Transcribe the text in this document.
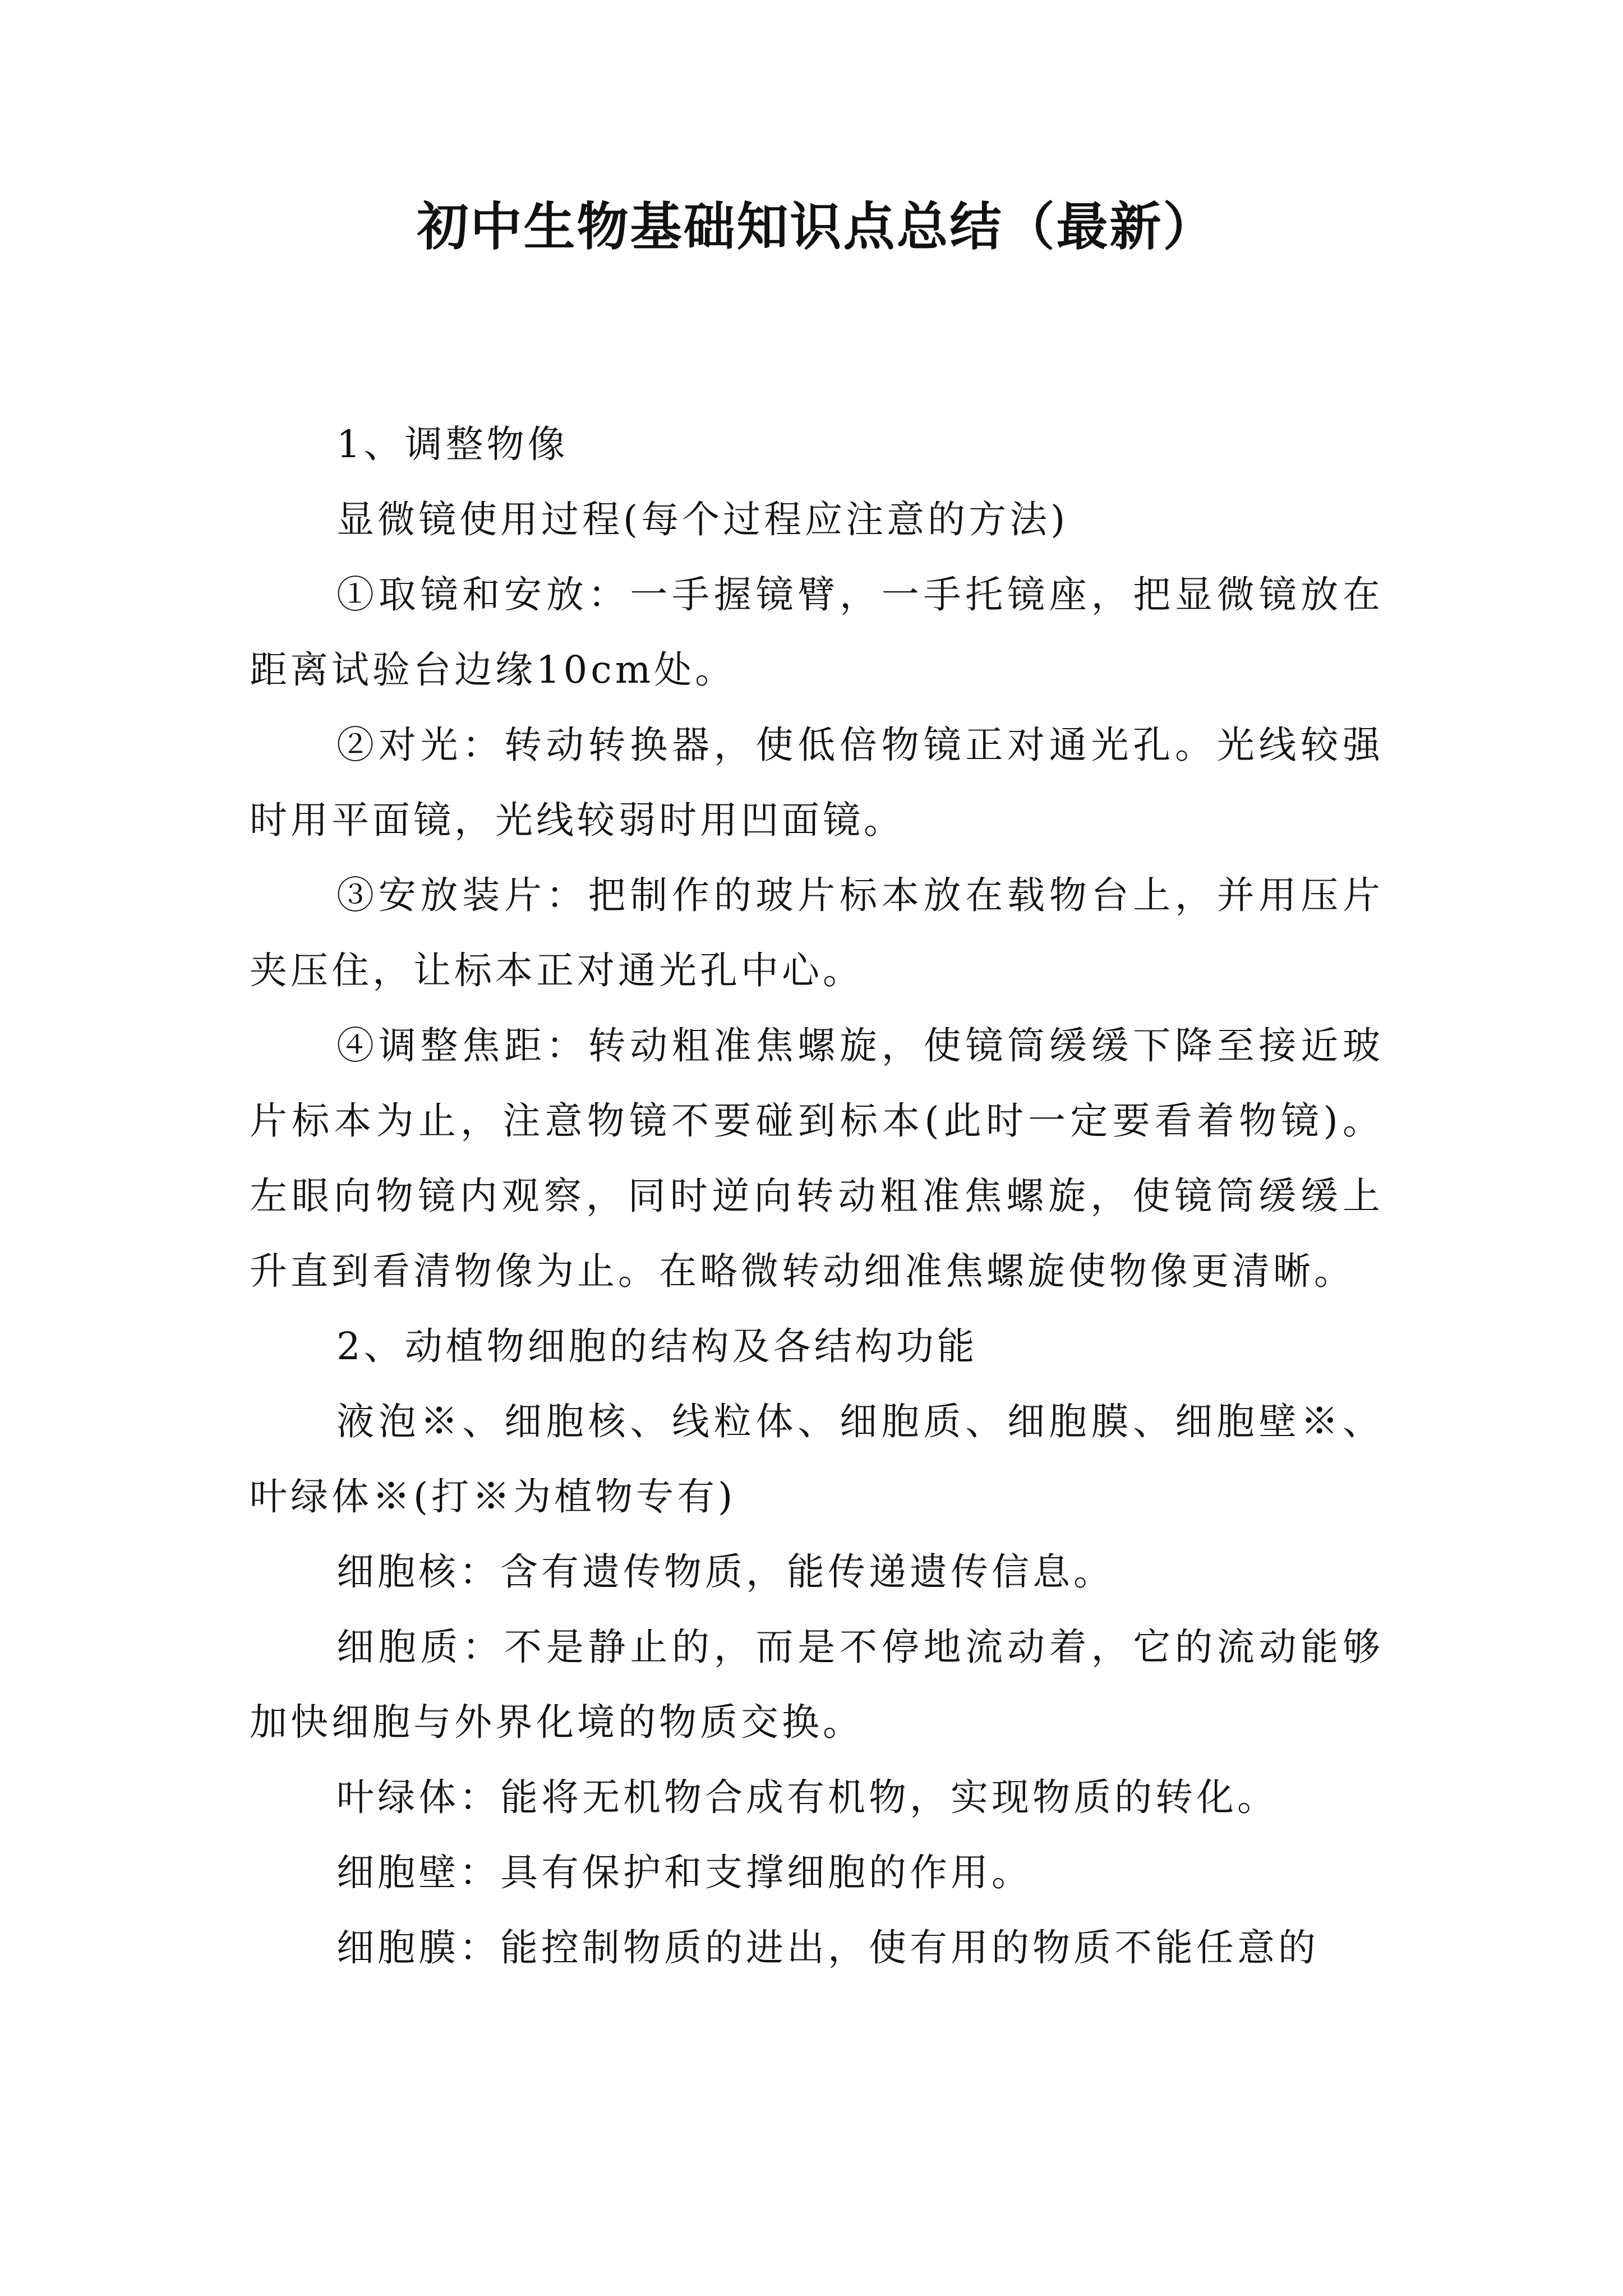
初中生物基础知识点总结（最新）

1、调整物像

显微镜使用过程(每个过程应注意的方法)

①取镜和安放：一手握镜臂，一手托镜座，把显微镜放在距离试验台边缘10cm处。

②对光：转动转换器，使低倍物镜正对通光孔。光线较强时用平面镜，光线较弱时用凹面镜。

③安放装片：把制作的玻片标本放在载物台上，并用压片夹压住，让标本正对通光孔中心。

④调整焦距：转动粗准焦螺旋，使镜筒缓缓下降至接近玻片标本为止，注意物镜不要碰到标本(此时一定要看着物镜)。左眼向物镜内观察，同时逆向转动粗准焦螺旋，使镜筒缓缓上升直到看清物像为止。在略微转动细准焦螺旋使物像更清晰。

2、动植物细胞的结构及各结构功能

液泡※、细胞核、线粒体、细胞质、细胞膜、细胞壁※、叶绿体※(打※为植物专有)

细胞核：含有遗传物质，能传递遗传信息。

细胞质：不是静止的，而是不停地流动着，它的流动能够加快细胞与外界化境的物质交换。

叶绿体：能将无机物合成有机物，实现物质的转化。

细胞壁：具有保护和支撑细胞的作用。

细胞膜：能控制物质的进出，使有用的物质不能任意的
